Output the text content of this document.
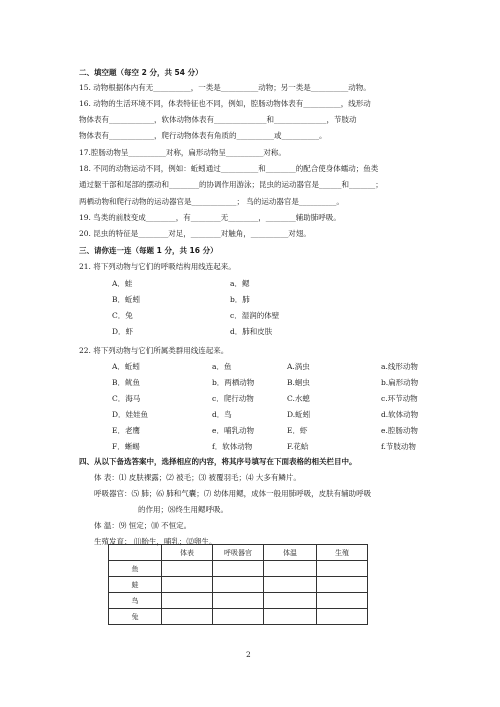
二、填空题（每空 2 分，共 54 分）
15. 动物根据体内有无__________，一类是__________动物；另一类是__________动物。
16. 动物的生活环境不同，体表特征也不同，例如，腔肠动物体表有__________，线形动
物体表有____________，软体动物体表有______________和______________，节肢动
物体表有____________，爬行动物体表有角质的__________或__________。
17.腔肠动物呈__________对称，扁形动物呈__________对称。
18. 不同的动物运动不同，例如：蚯蚓通过__________和________的配合使身体蠕动；鱼类
通过躯干部和尾部的摆动和________的协调作用游泳；昆虫的运动器官是______和_______；
两栖动物和爬行动物的运动器官是____________； 鸟的运动器官是__________。
19. 鸟类的前肢变成________，有________无________，________辅助肺呼吸。
20. 昆虫的特征是________对足，________对触角，__________对翅。
三、请你连一连（每题 1 分，共 16 分）
21. 将下列动物与它们的呼吸结构用线连起来。
A．蛙	a．鳃
B．蚯蚓	b．肺
C．兔	c．湿润的体壁
D．虾	d．肺和皮肤
22. 将下列动物与它们所属类群用线连起来。
A．蚯蚓	a．鱼	A.涡虫	a.线形动物
B．鱿鱼	b．两栖动物	B.蛔虫	b.扁形动物
C．海马	c．爬行动物	C.水螅	c.环节动物
D．娃娃鱼	d．鸟	D.蚯蚓	d.软体动物
E．老鹰	e．哺乳动物	E．虾	e.腔肠动物
F．蜥蜴	f．软体动物	F.花蛤	f.节肢动物
四、从以下备选答案中，选择相应的内容，将其序号填写在下面表格的相关栏目中。
体 表：⑴ 皮肤裸露；⑵ 被毛；⑶ 被覆羽毛；⑷ 大多有鳞片。
呼吸器官：⑸ 肺；⑹ 肺和气囊；⑺ 幼体用鳃，成体一般用肺呼吸，皮肤有辅助呼吸
的作用；⑻终生用鳃呼吸。
体 温：⑼ 恒定；⑽ 不恒定。
生殖发育： ⑾胎生，哺乳；⑿卵生。
	体表	呼吸器官	体温	生殖
鱼				
蛙				
鸟				
兔				
2
